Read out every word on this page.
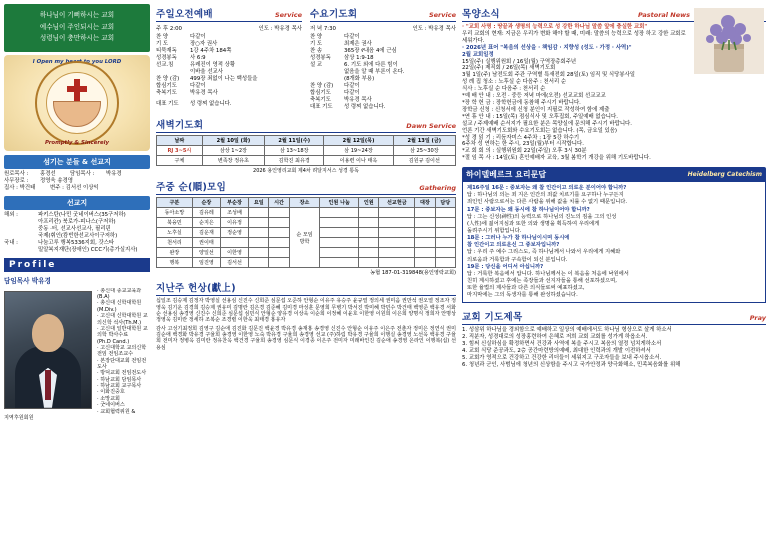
하나님이 기뻐하시는 교회
예수님이 주인되시는 교회
성령님이 충만하시는 교회
I Open my heart to you LORD
Promptly & Sincerely
섬기는 분들 & 선교지
원로목사 :	홍경선	담임목사 :	박유경
사무장로 :	정영욱 송경영
집사 : 박건태	변주 : 김서선 이상익
선교지
해외 :	파키스탄(나민 굿네이버스(35구저하)
아프리칸) 북로가-피나스(구저하)
중동 ·터, 선교사선교사, 필리핀
국제(휘인(캄빈한선교사이구저하)
국내 :	나눔고루 행복5336지회, 갓스타
밀알복지재단(장애인) CCC기(총가실지사)
Profile
담임목사 박유경
· 총신대 종교교육과 (B.A)
· 총신대 신학대학원 (M.Div.)
· 고신대 신학대학원 교의신학 석사(Th.M.)
· 고신대 일반대학원 교의학 박사수료
(Ph.D Cand.)
· 고신대학교 교의신학 전임 전임조교수
· 본장단대교회 전임전도사
· 방덕교회 전임전도사
· 하남교회 담임목사
· 하남교회 교구목사
· 이화진중호
· 소망교회
· 굿네이버스
· 교회협력위원 &
지역후원회원
주일오전예배	Service
주 후 2:00	인도 : 박유경 목사
찬 양	다같이
기 도	장○자 권사
티묵재독	1강 4주차 184쪽
성경봉독	사 6:9
선교.침	유레진이 영적 상황
이바울 선교사
찬 양 (감)	499장 죄없이 나는 백성들을
합심기도	다같이
축복기도	박유경 목사
대표 기도	성 령찌 없습니다.
수요기도회	Service
저 녁 7:30	인도 : 박유경 목사
찬 양	다같이
기 도	최제은 권사
찬 송	365장 የ내음 4에 근심
성경봉독	삼상 1:9-18
설 교	6. 기도 외에 다른 힘이
없음을 알 때 부론이 온다.
(8개화 부용)
찬 양 (감)	다같이
합심기도	다같이
축복기도	박유경 목사
대표 기도	성 령찌 없습니다.
새벽기도회	Dawn Service
날짜	2월 10일 (화)	2월 11일(수)	2월 12일(목)	2월 13일 (금)
RJ 3~5시	삼상 1~2장	삼 13~18장	삼 19~24장	삼 25~30장
구체	변족장 정유초	김학진 최유경	이용련 이나 태옥	김원규 김이선
2026 용인영리교회 제4차 려달지서스 성경 통독
주중 순(順)모임	Gathering
구분	순장	부순장	요일	시간	장소	인원 나눔	인원	선교헌금	대장	담당
동아소망	김유레	조성배			순 모임
방학					
북융민	순지은	이유정								
노후실	김운재	정순영								
천서리	권이태									
완장	양일선	이한영								
행복	임진영	김서선								
농협 187-01-319848(용인영락교회)
지난주 헌상(獻上)
십일조 김승제 김정자 박영실 선용심 신진수 신희준 심문섭 오준하 안형순 이유주 유승주 윤규열 정의세 권미음 권만석 권오열 정조자 정영욱 김기운 김경희 김승제 권유미 김명란 김은경 김준혜 김미경 마성훈 문영희 무병기 박서진 박미혜 박민수 박건태 백영준 백유경 서화순 선용심 송경영 신진수 신희준 심문섭 심민식 안형순 양유경 이상욱 이순희 이정혜 이윤호 이한영 이원희 이은희 양명식 정희자 안명상 정영욱 김미란 정세하 조복순 조경렬 이한욱 최태경 홍유자
감사 고성기최정희 김영구 김순애 김진화 김문진 백윤경 박유경 송재홍 송경영 신진수 안형순 이유주 이은주 전춘자 정미은 정연식 권미 김순애 백경화 박유경 구율희 송경영 이한영 노숙 박유경 구율희 송경영 선교 (주)하림 박유경 구율희 이행실 송경영 노선옥 백유경 구율희 전미자 정병옥 김미란 정유찬옥 백건경 구율희 송경영 심문식 이경종 이은주 전미자 미래바인진 김순애 송경영 온라인 이행복(십) 선용심
목양소식	Pastoral News
· "교회 사명 : 땅끝과 생명의 능력으로 성 강한 하나님 말씀 앞에 충실한 교회"
우리 교회의 현재: 지금은 우리가 변화 해야 할 때, 미래: 말씀의 능력으로 성장 하고 강한 교회로 세워가다.
· 2026년 표어 "복음의 선상을 · 책임감 · 지향성 (성도 · 가정 · 사역)"
2월 교회일정
15일(주) 실행위원회 / 16일(월) 구역장총회주년
22일(주) 제직회 / 26일(목) 새벽기도회
3월 1일(주) 남전도회 주관 구역별 특새전회 28일(토) 임직 및 식당봉사일
성 례 집 청소 : 노후실 순 다음주 : 천서리 순
식사 : 노후실 순 다음주 : 천서리 순
*예 배 안 내 : 오전 · 중등 저녁 마에(오전) 선교교회 선교교교
*장 학 헌 금 : 장학헌금에 동참해 주시기 바랍니다.
장학금 신청 : 신청서에 신청 분인이 지필로 작성하여 함에 제출
*연 휴 안 내 : 15일(목) 점심식사 및 오후집회, 주일예배 없습니다.
설교 / 주제예배 순서지가 필요한 분은 목양실에 문의해 주시기 바랍니다.
언론 기간 새벽기도회와 수요기도회는 없습니다. (목, 금요일 있음)
*성 경 읽 기 : 리듬자미스 4주차 : 1장 5강 하수기
6주차 성 연하는 한 주시, 23일(월)부터 시작합니다.
*교 회 회 의 : 실행위원회 22일(주일) 오후 3시 30분
*절 임 목 사 : 14일(토) 혼인예배자 교육, 3월 봄학기 개강을 위해 기도바랍니다.
하이델베르크 요리문답	Heidelberg Catechism
제16주일 16문 : 중보자는 왜 참 인간이고 의로운 분이어야 합니까?
답 : 하나님의 의는 죄 지은 인간의 죄값 치르기를 요구하나 누구든지
죄인인 사람으로서는 다른 사람을 위해 값을 치룰 수 없기 때문입니다.
17문 : 중보자는 왜 동시에 참 하나님이어야 합니까?
답 : 그는 신성(神性)의 능력으로 하나님의 진노의 짐을 그의 인성
(人性)에 짊어지심과 또한 의와 생명을 획득하여 우리에게
돌려주시기 위함입니다.
18문 : 그러나 누가 참 하나님이시며 동시에
참 인간이고 의로운신 그 중보자입니까?
답 : 우리 주 예수 그리스도, 즉 하나님께서 나와서 우리에게 지혜와
의로움과 거룩함과 구속함이 되신 분입니다.
19문 : 당신을 어디서 아십니까?
답 : 거룩한 복음에서 압니다. 하나님께서는 이 복음을 처음에 낙원에서
친히 계시하셨고 후에는 족장들과 선지자들을 통해 선포하셨으며,
또한 율법의 제사들과 다른 의식들로써 예표하셨고,
마지막에는 그의 독생자를 통해 완성하셨습니다.
교회 기도제목	Pray
1. 성삼위 하나님을 경외함으로 예배하고 일상의 예배에서도 하나님 형상으로 살게 하소서
2. 직분자, 성경대로의 성장홍련하여 은혜로 저희 교회 교회를 성가게 하옵소서.
3. 힘써 신실하심을 확정하면서 건강과 사역에 복을 주시고 복음의 열정 넘치게하소서
4. 교회 식당 준공과도, 2층 공간마련방의예배, 최대한 인력과의 개발 이전하셔서
5. 교회가 영적으로 건강하고 건강한 리더들이 세워지고 구조자들을 보내 주시옵소서.
6. 청년과 군인, 사범님에 청년의 신상함을 주시고 국가안정과 양극화해소, 민족복음화를 위해
